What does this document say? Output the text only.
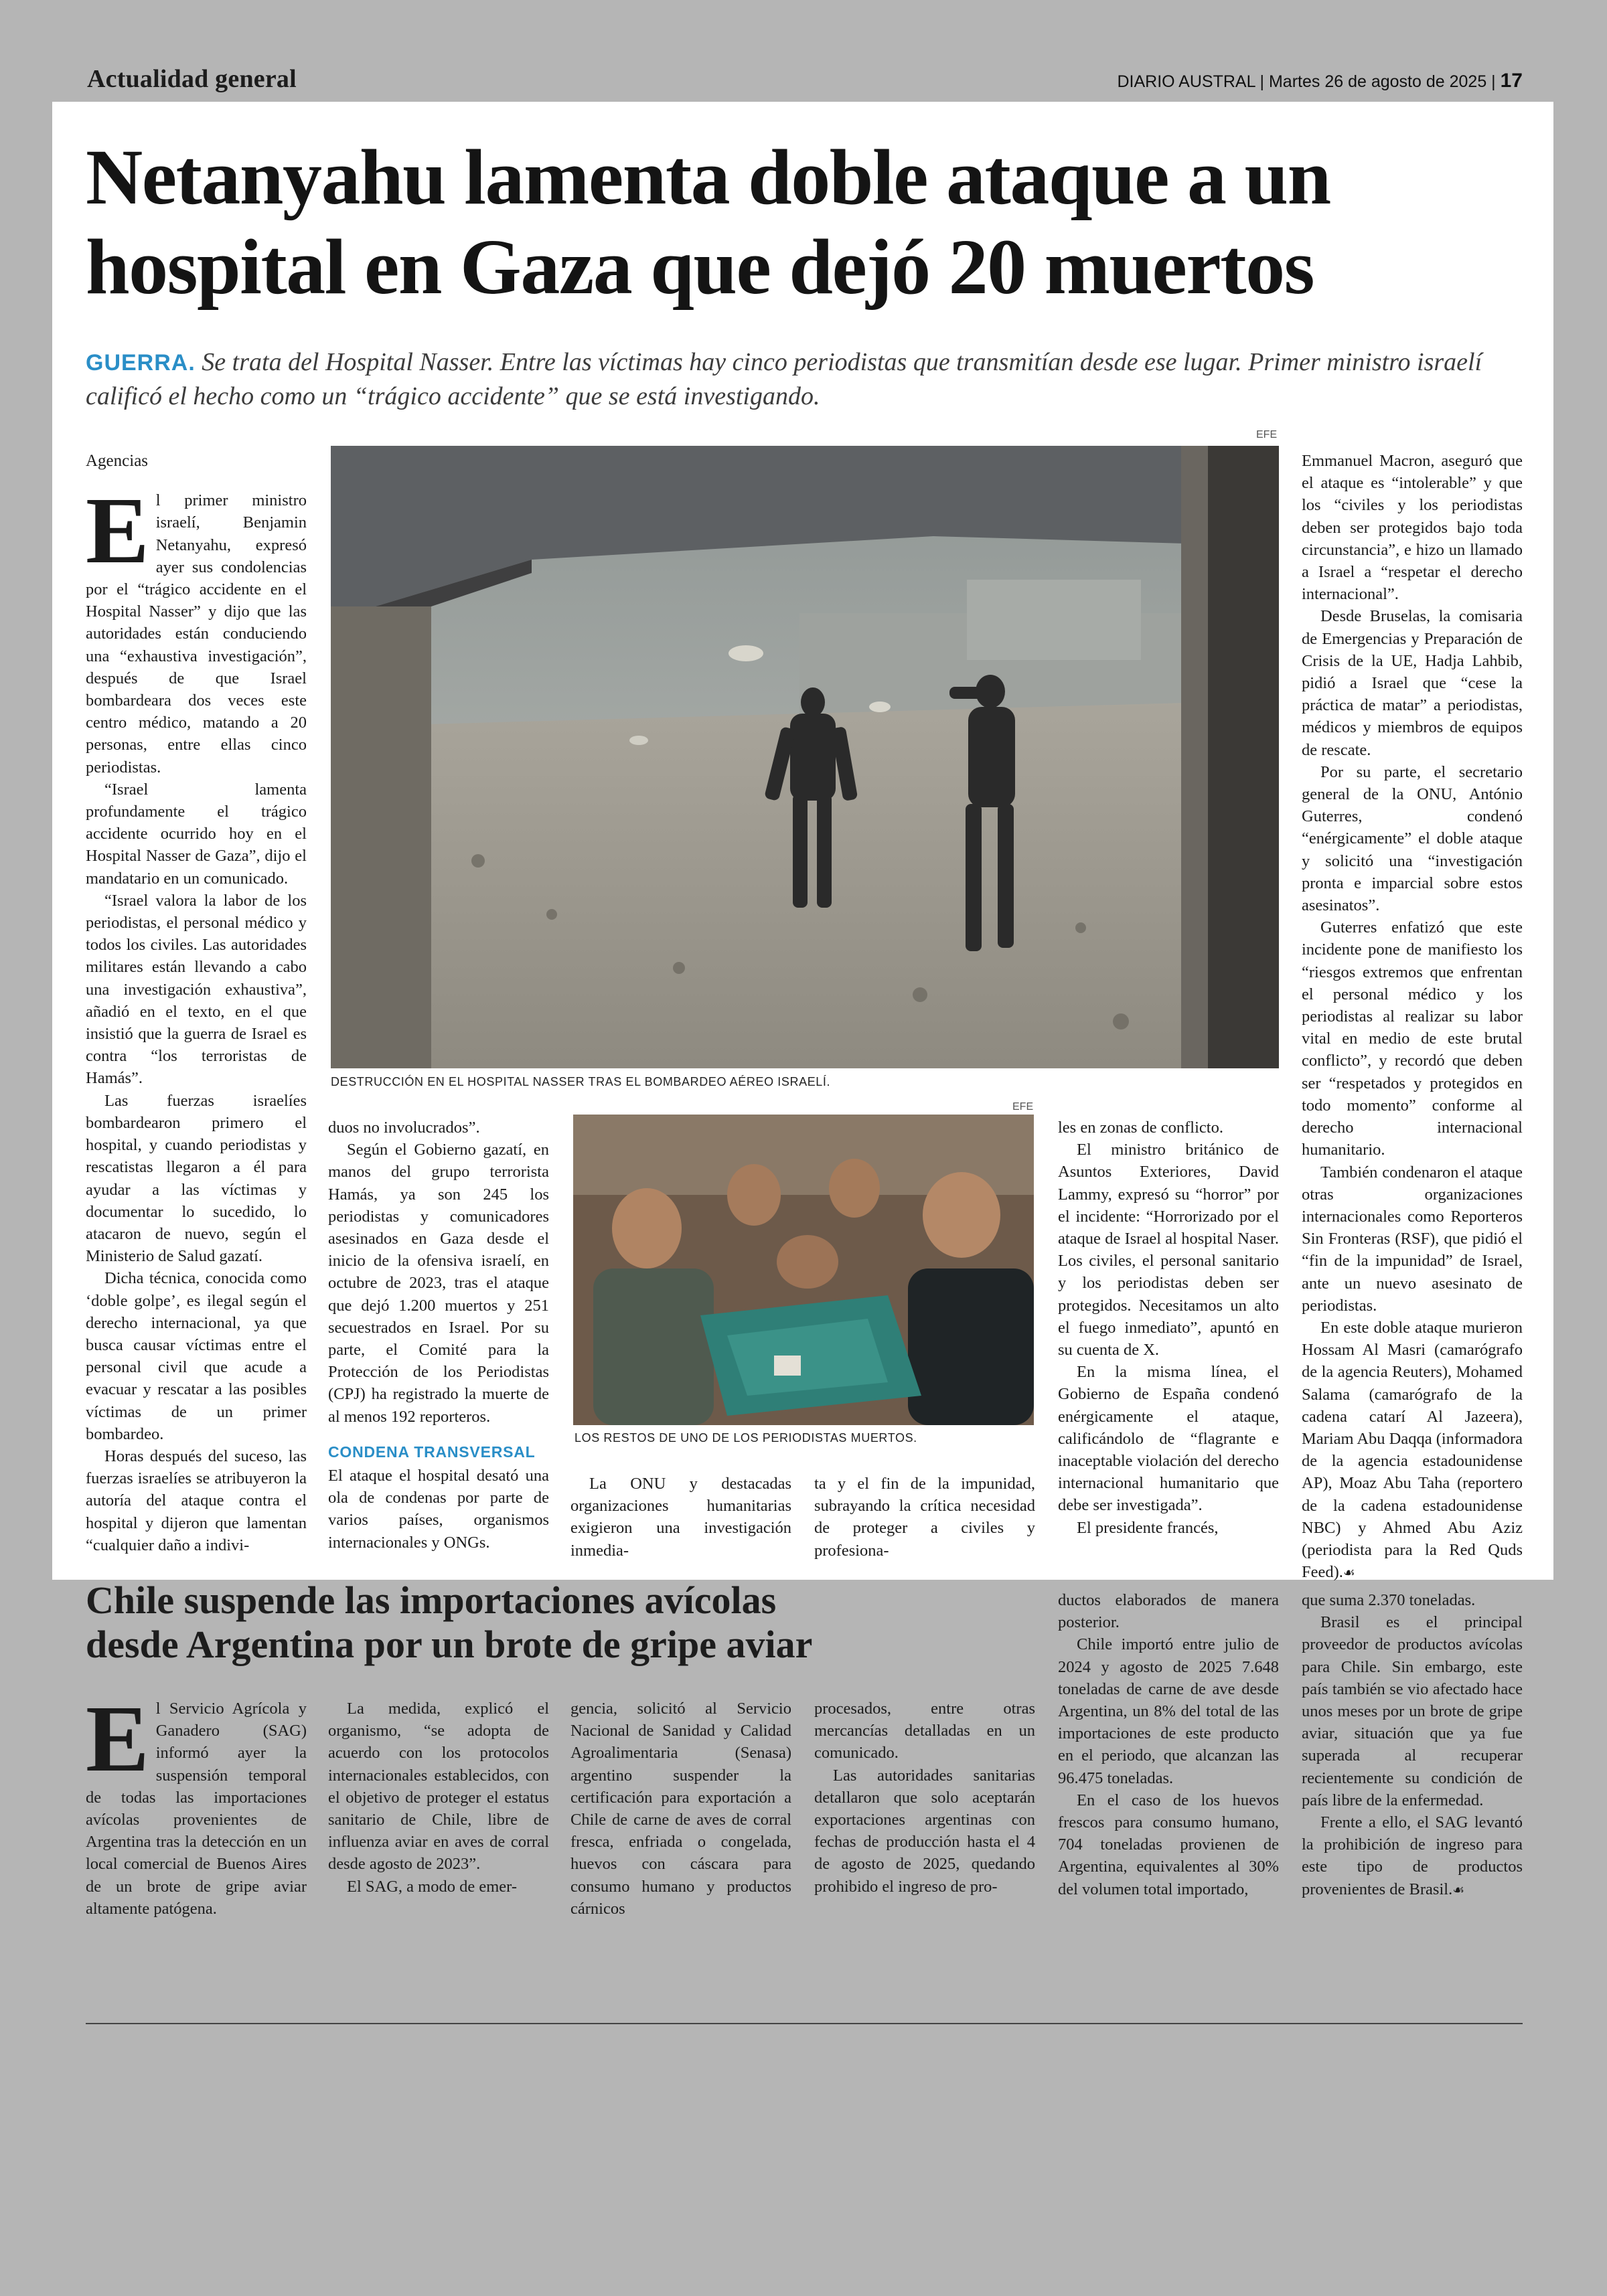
Actualidad general	DIARIO AUSTRAL | Martes 26 de agosto de 2025 | 17
Netanyahu lamenta doble ataque a un
hospital en Gaza que dejó 20 muertos
GUERRA. Se trata del Hospital Nasser. Entre las víctimas hay cinco periodistas que transmitían desde ese lugar. Primer ministro israelí calificó el hecho como un “trágico accidente” que se está investigando.
Agencias

El primer ministro israelí, Benjamin Netanyahu, expresó ayer sus condolencias por el “trágico accidente en el Hospital Nasser” y dijo que las autoridades están conduciendo una “exhaustiva investigación”, después de que Israel bombardeara dos veces este centro médico, matando a 20 personas, entre ellas cinco periodistas.

“Israel lamenta profundamente el trágico accidente ocurrido hoy en el Hospital Nasser de Gaza”, dijo el mandatario en un comunicado.

“Israel valora la labor de los periodistas, el personal médico y todos los civiles. Las autoridades militares están llevando a cabo una investigación exhaustiva”, añadió en el texto, en el que insistió que la guerra de Israel es contra “los terroristas de Hamás”.

Las fuerzas israelíes bombardearon primero el hospital, y cuando periodistas y rescatistas llegaron a él para ayudar a las víctimas y documentar lo sucedido, lo atacaron de nuevo, según el Ministerio de Salud gazatí.

Dicha técnica, conocida como ‘doble golpe’, es ilegal según el derecho internacional, ya que busca causar víctimas entre el personal civil que acude a evacuar y rescatar a las posibles víctimas de un primer bombardeo.

Horas después del suceso, las fuerzas israelíes se atribuyeron la autoría del ataque contra el hospital y dijeron que lamentan “cualquier daño a indivi-

EFE
DESTRUCCIÓN EN EL HOSPITAL NASSER TRAS EL BOMBARDEO AÉREO ISRAELÍ.

duos no involucrados”.

Según el Gobierno gazatí, en manos del grupo terrorista Hamás, ya son 245 los periodistas y comunicadores asesinados en Gaza desde el inicio de la ofensiva israelí, en octubre de 2023, tras el ataque que dejó 1.200 muertos y 251 secuestrados en Israel. Por su parte, el Comité para la Protección de los Periodistas (CPJ) ha registrado la muerte de al menos 192 reporteros.

CONDENA TRANSVERSAL

El ataque el hospital desató una ola de condenas por parte de varios países, organismos internacionales y ONGs.

EFE
LOS RESTOS DE UNO DE LOS PERIODISTAS MUERTOS.

La ONU y destacadas organizaciones humanitarias exigieron una investigación inmedia-

ta y el fin de la impunidad, subrayando la crítica necesidad de proteger a civiles y profesiona-

les en zonas de conflicto.

El ministro británico de Asuntos Exteriores, David Lammy, expresó su “horror” por el incidente: “Horrorizado por el ataque de Israel al hospital Naser. Los civiles, el personal sanitario y los periodistas deben ser protegidos. Necesitamos un alto el fuego inmediato”, apuntó en su cuenta de X.

En la misma línea, el Gobierno de España condenó enérgicamente el ataque, calificándolo de “flagrante e inaceptable violación del derecho internacional humanitario que debe ser investigada”.

El presidente francés,

Emmanuel Macron, aseguró que el ataque es “intolerable” y que los “civiles y los periodistas deben ser protegidos bajo toda circunstancia”, e hizo un llamado a Israel a “respetar el derecho internacional”.

Desde Bruselas, la comisaria de Emergencias y Preparación de Crisis de la UE, Hadja Lahbib, pidió a Israel que “cese la práctica de matar” a periodistas, médicos y miembros de equipos de rescate.

Por su parte, el secretario general de la ONU, António Guterres, condenó “enérgicamente” el doble ataque y solicitó una “investigación pronta e imparcial sobre estos asesinatos”.

Guterres enfatizó que este incidente pone de manifiesto los “riesgos extremos que enfrentan el personal médico y los periodistas al realizar su labor vital en medio de este brutal conflicto”, y recordó que deben ser “respetados y protegidos en todo momento” conforme al derecho internacional humanitario.

También condenaron el ataque otras organizaciones internacionales como Reporteros Sin Fronteras (RSF), que pidió el “fin de la impunidad” de Israel, ante un nuevo asesinato de periodistas.

En este doble ataque murieron Hossam Al Masri (camarógrafo de la agencia Reuters), Mohamed Salama (camarógrafo de la cadena catarí Al Jazeera), Mariam Abu Daqqa (informadora de la agencia estadounidense AP), Moaz Abu Taha (reportero de la cadena estadounidense NBC) y Ahmed Abu Aziz (periodista para la Red Quds Feed).☙

Chile suspende las importaciones avícolas
desde Argentina por un brote de gripe aviar

El Servicio Agrícola y Ganadero (SAG) informó ayer la suspensión temporal de todas las importaciones avícolas provenientes de Argentina tras la detección en un local comercial de Buenos Aires de un brote de gripe aviar altamente patógena.

La medida, explicó el organismo, “se adopta de acuerdo con los protocolos internacionales establecidos, con el objetivo de proteger el estatus sanitario de Chile, libre de influenza aviar en aves de corral desde agosto de 2023”.

El SAG, a modo de emer-

gencia, solicitó al Servicio Nacional de Sanidad y Calidad Agroalimentaria (Senasa) argentino suspender la certificación para exportación a Chile de carne de aves de corral fresca, enfriada o congelada, huevos con cáscara para consumo humano y productos cárnicos

procesados, entre otras mercancías detalladas en un comunicado.

Las autoridades sanitarias detallaron que solo aceptarán exportaciones argentinas con fechas de producción hasta el 4 de agosto de 2025, quedando prohibido el ingreso de pro-

ductos elaborados de manera posterior.

Chile importó entre julio de 2024 y agosto de 2025 7.648 toneladas de carne de ave desde Argentina, un 8% del total de las importaciones de este producto en el periodo, que alcanzan las 96.475 toneladas.

En el caso de los huevos frescos para consumo humano, 704 toneladas provienen de Argentina, equivalentes al 30% del volumen total importado,

que suma 2.370 toneladas.

Brasil es el principal proveedor de productos avícolas para Chile. Sin embargo, este país también se vio afectado hace unos meses por un brote de gripe aviar, situación que ya fue superada al recuperar recientemente su condición de país libre de la enfermedad.

Frente a ello, el SAG levantó la prohibición de ingreso para este tipo de productos provenientes de Brasil.☙
